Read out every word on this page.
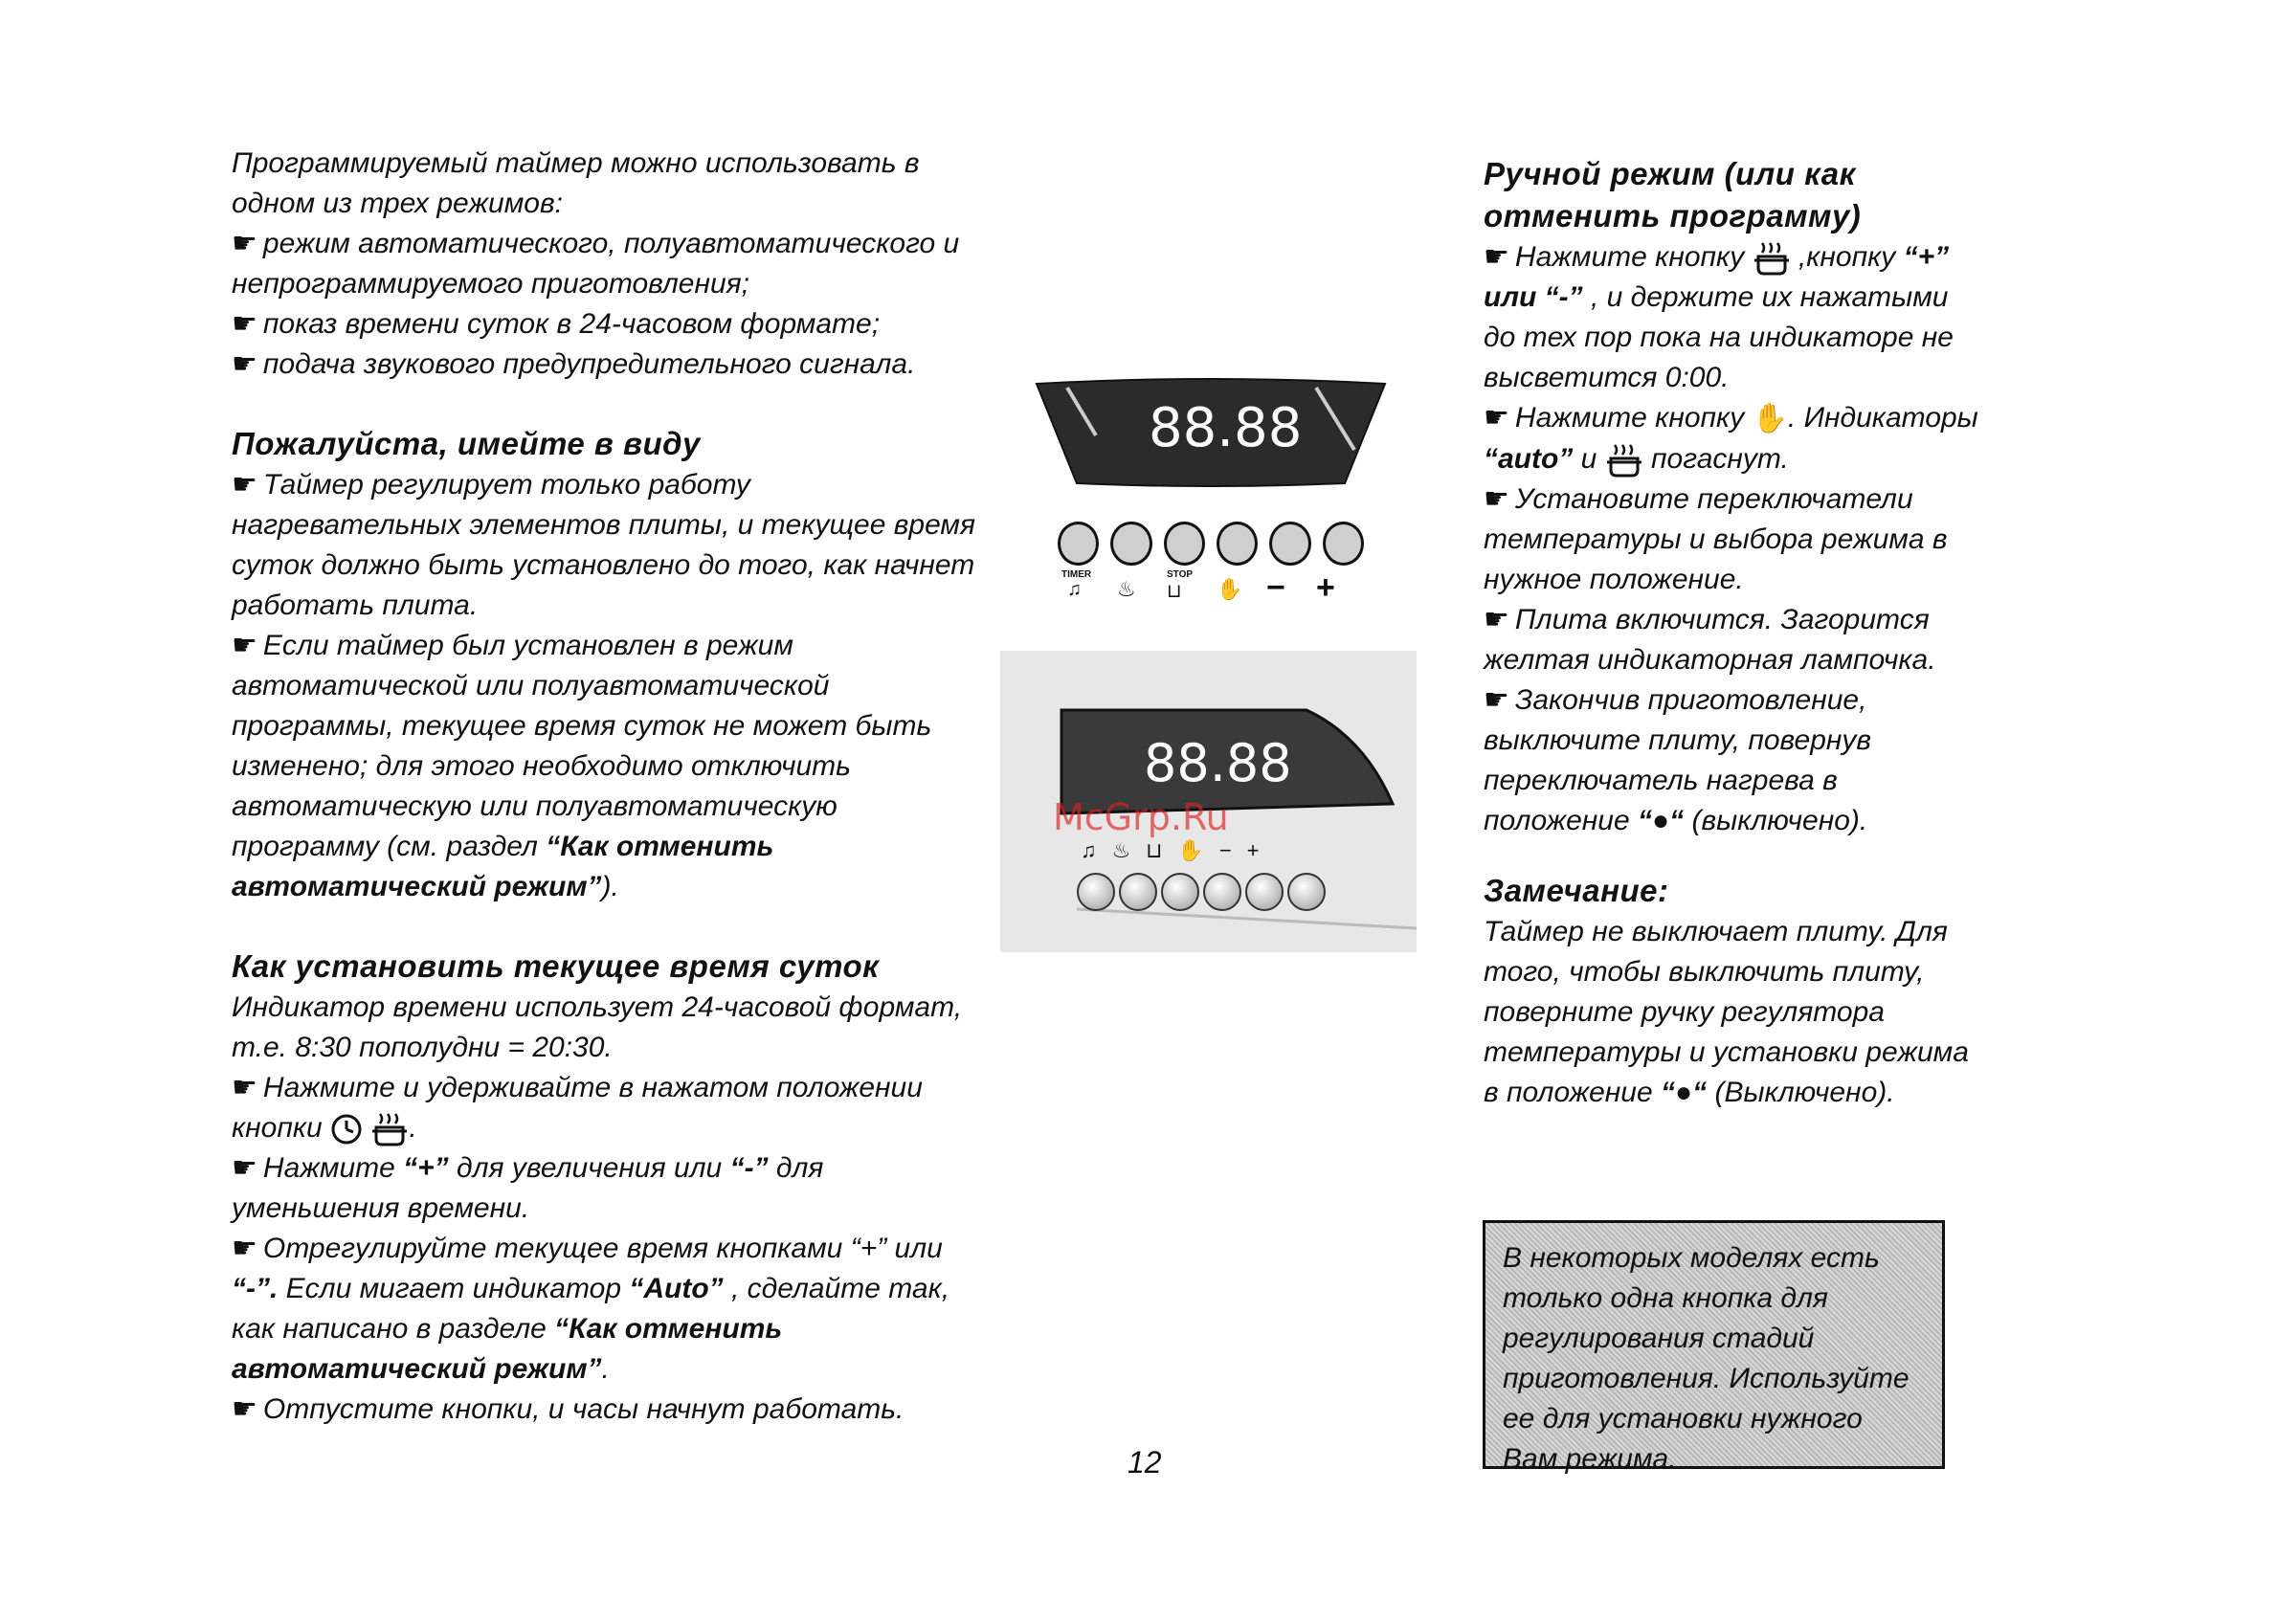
Программируемый таймер можно использовать в одном из трех режимов:

☛ режим автоматического, полуавтоматического и непрограммируемого приготовления;

☛ показ времени суток в 24-часовом формате;

☛ подача звукового предупредительного сигнала.

Пожалуйста, имейте в виду

☛ Таймер регулирует только работу нагревательных элементов плиты, и текущее время суток должно быть установлено до того, как начнет работать плита.

☛ Если таймер был установлен в режим автоматической или полуавтоматической программы, текущее время суток не может быть изменено; для этого необходимо отключить автоматическую или полуавтоматическую программу (см. раздел “Как отменить автоматический режим”).

Как установить текущее время суток

Индикатор времени использует 24-часовой формат, т.е. 8:30 пополудни = 20:30.

☛ Нажмите и удерживайте в нажатом положении кнопки	.

☛ Нажмите “+” для увеличения или “-” для уменьшения времени.

☛ Отрегулируйте текущее время кнопками “+” или “-”. Если мигает индикатор “Auto” , сделайте так, как написано в разделе “Как отменить автоматический режим”.

☛ Отпустите кнопки, и часы начнут работать.

88.88
TIMER
♫ ♨
STOP
⊔ ✋ − +
88.88
♫ ♨ ⊔ ✋ − +
McGrp.Ru
Ручной режим (или как отменить программу)

☛ Нажмите кнопку  ,кнопку “+” или “-” , и держите их нажатыми до тех пор пока на индикаторе не высветится 0:00.

☛ Нажмите кнопку ✋. Индикаторы “auto” и  погаснут.

☛ Установите переключатели температуры и выбора режима в нужное положение.

☛ Плита включится. Загорится желтая индикаторная лампочка.

☛ Закончив приготовление, выключите плиту, повернув переключатель нагрева в положение “●“ (выключено).

Замечание:

Таймер не выключает плиту. Для того, чтобы выключить плиту, поверните ручку регулятора температуры и установки режима в положение “●“ (Выключено).

В некоторых моделях есть только одна кнопка для регулирования стадий приготовления. Используйте ее для установки нужного Вам режима.
12
